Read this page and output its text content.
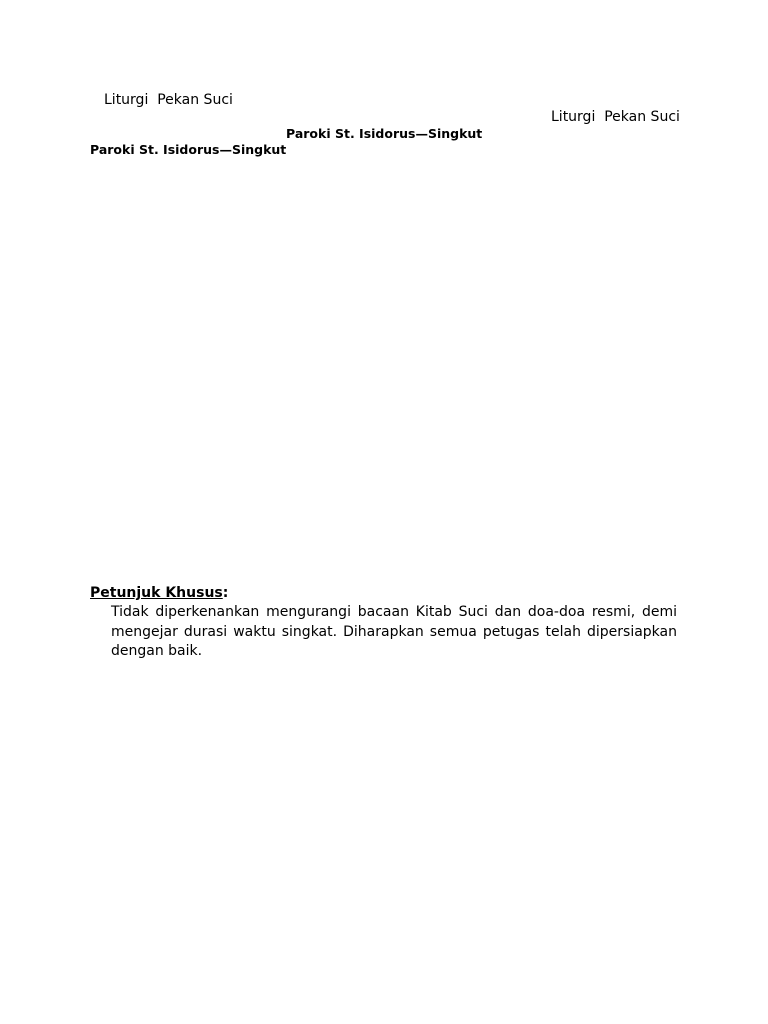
Liturgi  Pekan Suci
Liturgi  Pekan Suci
Paroki St. Isidorus—Singkut
Paroki St. Isidorus—Singkut

Petunjuk Khusus:

Tidak diperkenankan mengurangi bacaan Kitab Suci dan doa-doa resmi, demi mengejar durasi waktu singkat. Diharapkan semua petugas telah dipersiapkan dengan baik.
